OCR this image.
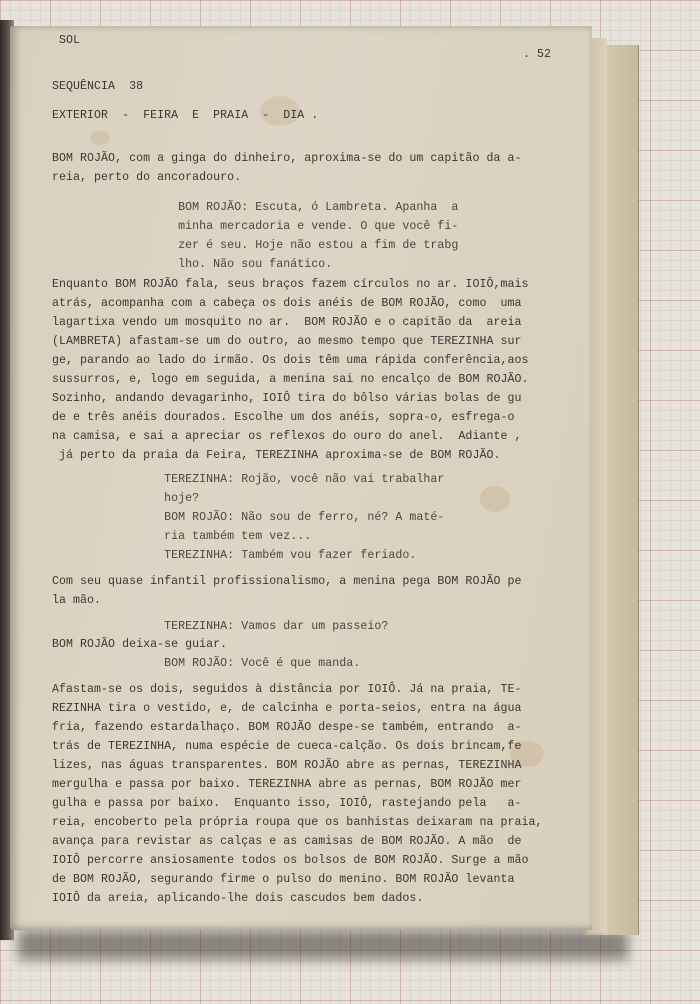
SOL
. 52
SEQUÊNCIA  38
EXTERIOR  -  FEIRA  E  PRAIA  -  DIA .
BOM ROJÃO, com a ginga do dinheiro, aproxima-se do um capitão da a-
reia, perto do ancoradouro.
BOM ROJÃO: Escuta, ó Lambreta. Apanha  a
minha mercadoria e vende. O que você fi-
zer é seu. Hoje não estou a fim de trabg
lho. Não sou fanático.
Enquanto BOM ROJÃO fala, seus braços fazem círculos no ar. IOIÔ,mais
atrás, acompanha com a cabeça os dois anéis de BOM ROJÃO, como  uma
lagartixa vendo um mosquito no ar.  BOM ROJÃO e o capitão da  areia
(LAMBRETA) afastam-se um do outro, ao mesmo tempo que TEREZINHA sur
ge, parando ao lado do irmão. Os dois têm uma rápida conferência,aos
sussurros, e, logo em seguida, a menina sai no encalço de BOM ROJÃO.
Sozinho, andando devagarinho, IOIÔ tira do bôlso várias bolas de gu
de e três anéis dourados. Escolhe um dos anéis, sopra-o, esfrega-o
na camisa, e sai a apreciar os reflexos do ouro do anel.  Adiante ,
já perto da praia da Feira, TEREZINHA aproxima-se de BOM ROJÃO.
TEREZINHA: Rojão, você não vai trabalhar
hoje?
BOM ROJÃO: Não sou de ferro, né? A maté-
ria também tem vez...
TEREZINHA: Também vou fazer feriado.
Com seu quase infantil profissionalismo, a menina pega BOM ROJÃO pe
la mão.
TEREZINHA: Vamos dar um passeio?
BOM ROJÃO deixa-se guiar.
BOM ROJÃO: Você é que manda.
Afastam-se os dois, seguidos à distância por IOIÔ. Já na praia, TE-
REZINHA tira o vestido, e, de calcinha e porta-seios, entra na água
fria, fazendo estardalhaço. BOM ROJÃO despe-se também, entrando  a-
trás de TEREZINHA, numa espécie de cueca-calção. Os dois brincam,fe
lizes, nas águas transparentes. BOM ROJÃO abre as pernas, TEREZINHA
mergulha e passa por baixo. TEREZINHA abre as pernas, BOM ROJÃO mer
gulha e passa por baixo.  Enquanto isso, IOIÔ, rastejando pela   a-
reia, encoberto pela própria roupa que os banhistas deixaram na praia,
avança para revistar as calças e as camisas de BOM ROJÃO. A mão  de
IOIÔ percorre ansiosamente todos os bolsos de BOM ROJÃO. Surge a mão
de BOM ROJÃO, segurando firme o pulso do menino. BOM ROJÃO levanta
IOIÔ da areia, aplicando-lhe dois cascudos bem dados.
